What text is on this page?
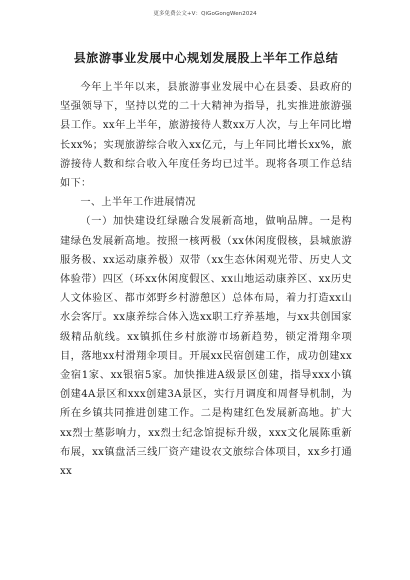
更多免费公文+V：QiGoGongWen2024
县旅游事业发展中心规划发展股上半年工作总结

今年上半年以来，县旅游事业发展中心在县委、县政府的坚强领导下，坚持以党的二十大精神为指导，扎实推进旅游强县工作。xx年上半年，旅游接待人数xx万人次，与上年同比增长xx%；实现旅游综合收入xx亿元，与上年同比增长xx%，旅游接待人数和综合收入年度任务均已过半。现将各项工作总结如下：

一、上半年工作进展情况

（一）加快建设红绿融合发展新高地，做响品牌。一是构建绿色发展新高地。按照一核两极（xx休闲度假核，县城旅游服务极、xx运动康养极）双带（xx生态休闲观光带、历史人文体验带）四区（环xx休闲度假区、xx山地运动康养区、xx历史人文体验区、都市郊野乡村游憩区）总体布局，着力打造xx山水会客厅。xx康养综合体入选xx职工疗养基地，与xx共创国家级精品航线。xx镇抓住乡村旅游市场新趋势，锁定滑翔伞项目，落地xx村滑翔伞项目。开展xx民宿创建工作，成功创建xx金宿1家、xx银宿5家。加快推进A级景区创建，指导xxx小镇创建4A景区和xxx创建3A景区，实行月调度和周督导机制，为所在乡镇共同推进创建工作。二是构建红色发展新高地。扩大xx烈士墓影响力，xx烈士纪念馆提标升级，xxx文化展陈重新布展，xx镇盘活三线厂资产建设农文旅综合体项目，xx乡打通xx
